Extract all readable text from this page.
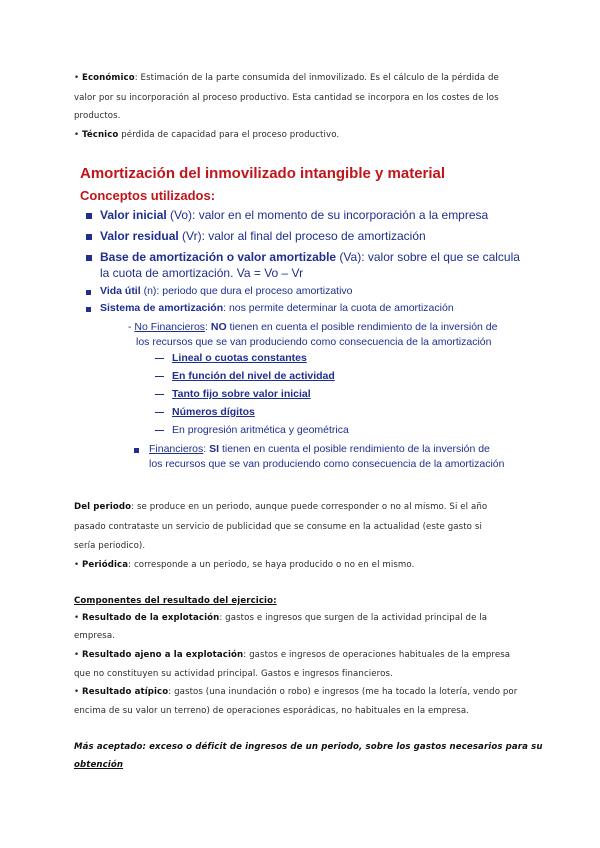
• Económico: Estimación de la parte consumida del inmovilizado. Es el cálculo de la pérdida de
valor por su incorporación al proceso productivo. Esta cantidad se incorpora en los costes de los
productos.
• Técnico pérdida de capacidad para el proceso productivo.
Amortización del inmovilizado intangible y material
Conceptos utilizados:
Valor inicial (Vo): valor en el momento de su incorporación a la empresa
Valor residual (Vr): valor al final del proceso de amortización
Base de amortización o valor amortizable (Va): valor sobre el que se calcula
la cuota de amortización. Va = Vo – Vr
Vida útil (n): periodo que dura el proceso amortizativo
Sistema de amortización: nos permite determinar la cuota de amortización
- No Financieros: NO tienen en cuenta el posible rendimiento de la inversión de
los recursos que se van produciendo como consecuencia de la amortización
Lineal o cuotas constantes
En función del nivel de actividad
Tanto fijo sobre valor inicial
Números dígitos
En progresión aritmética y geométrica
Financieros: SI tienen en cuenta el posible rendimiento de la inversión de
los recursos que se van produciendo como consecuencia de la amortización
Del periodo: se produce en un periodo, aunque puede corresponder o no al mismo. Si el año
pasado contrataste un servicio de publicidad que se consume en la actualidad (este gasto si
sería periodico).
• Periódica: corresponde a un periodo, se haya producido o no en el mismo.
Componentes del resultado del ejercicio:
• Resultado de la explotación: gastos e ingresos que surgen de la actividad principal de la
empresa.
• Resultado ajeno a la explotación: gastos e ingresos de operaciones habituales de la empresa
que no constituyen su actividad principal. Gastos e ingresos financieros.
• Resultado atípico: gastos (una inundación o robo) e ingresos (me ha tocado la lotería, vendo por
encima de su valor un terreno) de operaciones esporádicas, no habituales en la empresa.
Más aceptado: exceso o déficit de ingresos de un periodo, sobre los gastos necesarios para su
obtención
